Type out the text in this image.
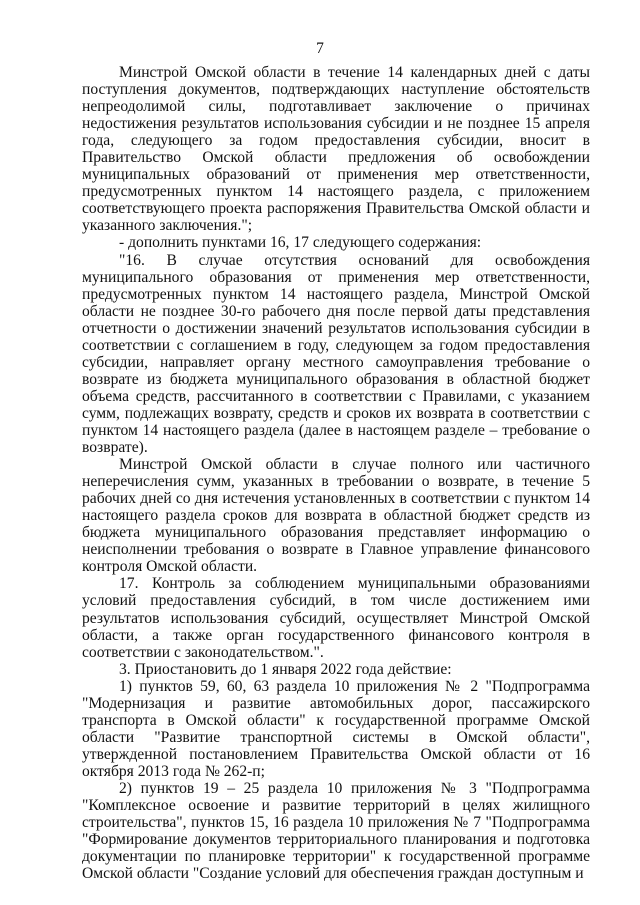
7

Минстрой Омской области в течение 14 календарных дней с даты поступления документов, подтверждающих наступление обстоятельств непреодолимой силы, подготавливает заключение о причинах недостижения результатов использования субсидии и не позднее 15 апреля года, следующего за годом предоставления субсидии, вносит в Правительство Омской области предложения об освобождении муниципальных образований от применения мер ответственности, предусмотренных пунктом 14 настоящего раздела, с приложением соответствующего проекта распоряжения Правительства Омской области и указанного заключения.";

- дополнить пунктами 16, 17 следующего содержания:

"16. В случае отсутствия оснований для освобождения муниципального образования от применения мер ответственности, предусмотренных пунктом 14 настоящего раздела, Минстрой Омской области не позднее 30-го рабочего дня после первой даты представления отчетности о достижении значений результатов использования субсидии в соответствии с соглашением в году, следующем за годом предоставления субсидии, направляет органу местного самоуправления требование о возврате из бюджета муниципального образования в областной бюджет объема средств, рассчитанного в соответствии с Правилами, с указанием сумм, подлежащих возврату, средств и сроков их возврата в соответствии с пунктом 14 настоящего раздела (далее в настоящем разделе – требование о возврате).

Минстрой Омской области в случае полного или частичного неперечисления сумм, указанных в требовании о возврате, в течение 5 рабочих дней со дня истечения установленных в соответствии с пунктом 14 настоящего раздела сроков для возврата в областной бюджет средств из бюджета муниципального образования представляет информацию о неисполнении требования о возврате в Главное управление финансового контроля Омской области.

17. Контроль за соблюдением муниципальными образованиями условий предоставления субсидий, в том числе достижением ими результатов использования субсидий, осуществляет Минстрой Омской области, а также орган государственного финансового контроля в соответствии с законодательством.".

3. Приостановить до 1 января 2022 года действие:

1) пунктов 59, 60, 63 раздела 10 приложения № 2 "Подпрограмма "Модернизация и развитие автомобильных дорог, пассажирского транспорта в Омской области" к государственной программе Омской области "Развитие транспортной системы в Омской области", утвержденной постановлением Правительства Омской области от 16 октября 2013 года № 262-п;

2) пунктов 19 – 25 раздела 10 приложения № 3 "Подпрограмма "Комплексное освоение и развитие территорий в целях жилищного строительства", пунктов 15, 16 раздела 10 приложения № 7 "Подпрограмма "Формирование документов территориального планирования и подготовка документации по планировке территории" к государственной программе Омской области "Создание условий для обеспечения граждан доступным и
